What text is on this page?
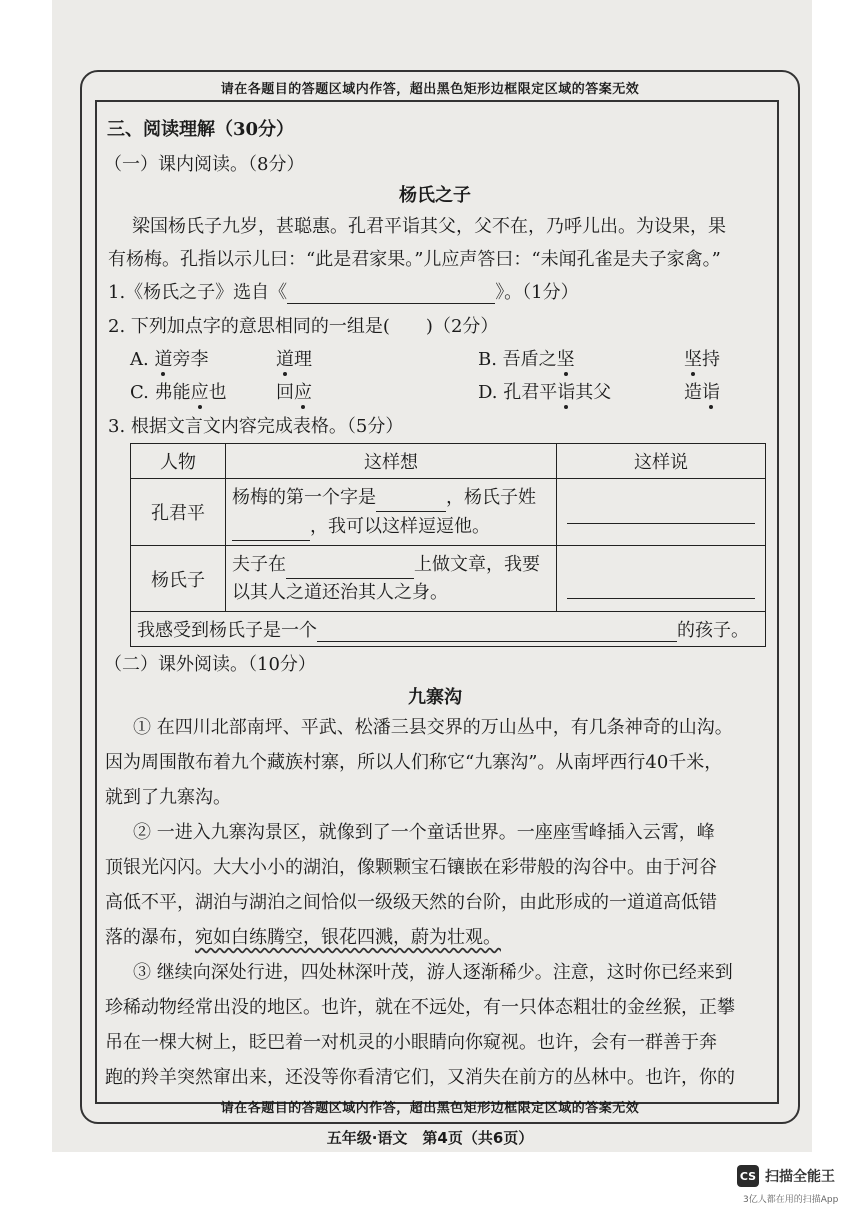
请在各题目的答题区域内作答，超出黑色矩形边框限定区域的答案无效
三、阅读理解（30分）
（一）课内阅读。（8分）
杨氏之子
梁国杨氏子九岁，甚聪惠。孔君平诣其父，父不在，乃呼儿出。为设果，果
有杨梅。孔指以示儿曰：“此是君家果。”儿应声答曰：“未闻孔雀是夫子家禽。”
1.《杨氏之子》选自《	》。（1分）
2. 下列加点字的意思相同的一组是(　　)（2分）
A. 道旁李	道理	B. 吾盾之坚	坚持
C. 弗能应也	回应	D. 孔君平诣其父	造诣
3. 根据文言文内容完成表格。（5分）
人物	这样想	这样说
孔君平	杨梅的第一个字是 ，杨氏子姓
，我可以这样逗逗他。	

杨氏子	夫子在 上做文章，我要
以其人之道还治其人之身。	

我感受到杨氏子是一个 的孩子。		
（二）课外阅读。（10分）
九寨沟
① 在四川北部南坪、平武、松潘三县交界的万山丛中，有几条神奇的山沟。
因为周围散布着九个藏族村寨，所以人们称它“九寨沟”。从南坪西行40千米，
就到了九寨沟。
② 一进入九寨沟景区，就像到了一个童话世界。一座座雪峰插入云霄，峰
顶银光闪闪。大大小小的湖泊，像颗颗宝石镶嵌在彩带般的沟谷中。由于河谷
高低不平，湖泊与湖泊之间恰似一级级天然的台阶，由此形成的一道道高低错
落的瀑布，宛如白练腾空，银花四溅，蔚为壮观。
③ 继续向深处行进，四处林深叶茂，游人逐渐稀少。注意，这时你已经来到
珍稀动物经常出没的地区。也许，就在不远处，有一只体态粗壮的金丝猴，正攀
吊在一棵大树上，眨巴着一对机灵的小眼睛向你窥视。也许，会有一群善于奔
跑的羚羊突然窜出来，还没等你看清它们，又消失在前方的丛林中。也许，你的
请在各题目的答题区域内作答，超出黑色矩形边框限定区域的答案无效
五年级·语文　第4页（共6页）
CS 扫描全能王
3亿人都在用的扫描App
